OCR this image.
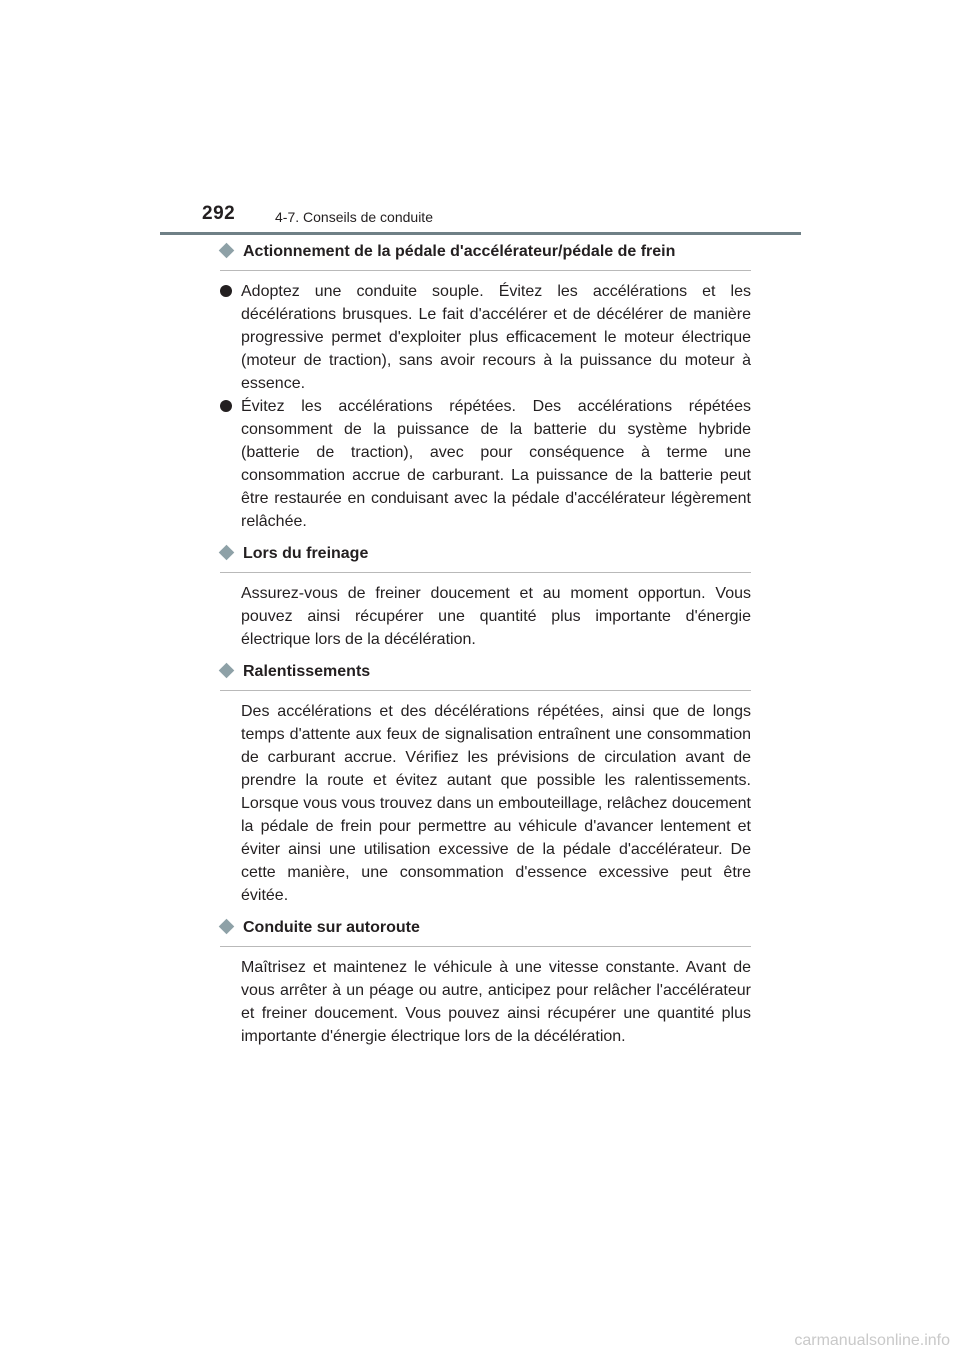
292	4-7. Conseils de conduite
Actionnement de la pédale d'accélérateur/pédale de frein

Adoptez une conduite souple. Évitez les accélérations et les décélérations brusques. Le fait d'accélérer et de décélérer de manière progressive permet d'exploiter plus efficacement le moteur électrique (moteur de traction), sans avoir recours à la puissance du moteur à essence.

Évitez les accélérations répétées. Des accélérations répétées consomment de la puissance de la batterie du système hybride (batterie de traction), avec pour conséquence à terme une consommation accrue de carburant. La puissance de la batterie peut être restaurée en conduisant avec la pédale d'accélérateur légèrement relâchée.

Lors du freinage

Assurez-vous de freiner doucement et au moment opportun. Vous pouvez ainsi récupérer une quantité plus importante d'énergie électrique lors de la décélération.

Ralentissements

Des accélérations et des décélérations répétées, ainsi que de longs temps d'attente aux feux de signalisation entraînent une consommation de carburant accrue. Vérifiez les prévisions de circulation avant de prendre la route et évitez autant que possible les ralentissements. Lorsque vous vous trouvez dans un embouteillage, relâchez doucement la pédale de frein pour permettre au véhicule d'avancer lentement et éviter ainsi une utilisation excessive de la pédale d'accélérateur. De cette manière, une consommation d'essence excessive peut être évitée.

Conduite sur autoroute

Maîtrisez et maintenez le véhicule à une vitesse constante. Avant de vous arrêter à un péage ou autre, anticipez pour relâcher l'accélérateur et freiner doucement. Vous pouvez ainsi récupérer une quantité plus importante d'énergie électrique lors de la décélération.

carmanualsonline.info
